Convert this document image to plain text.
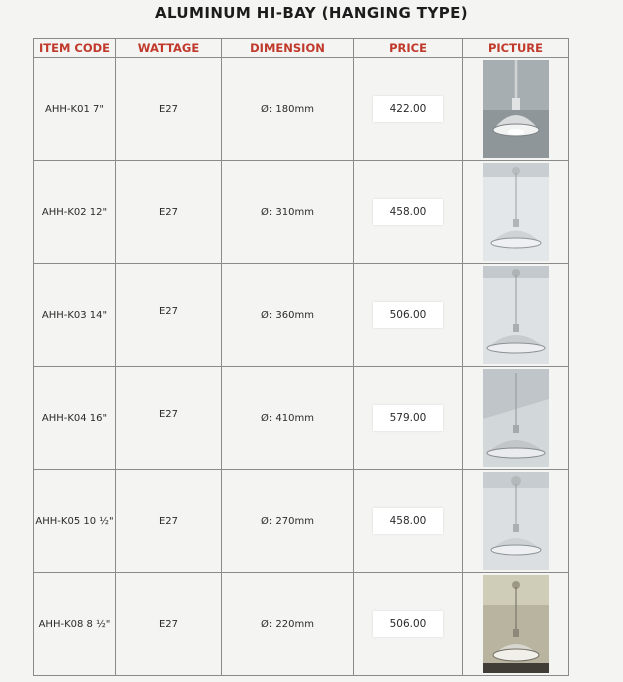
ALUMINUM HI-BAY (HANGING TYPE)
ITEM CODE	WATTAGE	DIMENSION	PRICE	PICTURE
AHH-K01 7"	E27	Ø: 180mm	422.00	

AHH-K02 12"	E27	Ø: 310mm	458.00	

AHH-K03 14"	E27	Ø: 360mm	506.00	

AHH-K04 16"	E27	Ø: 410mm	579.00	

AHH-K05 10 ½"	E27	Ø: 270mm	458.00	

AHH-K08 8 ½"	E27	Ø: 220mm	506.00	
